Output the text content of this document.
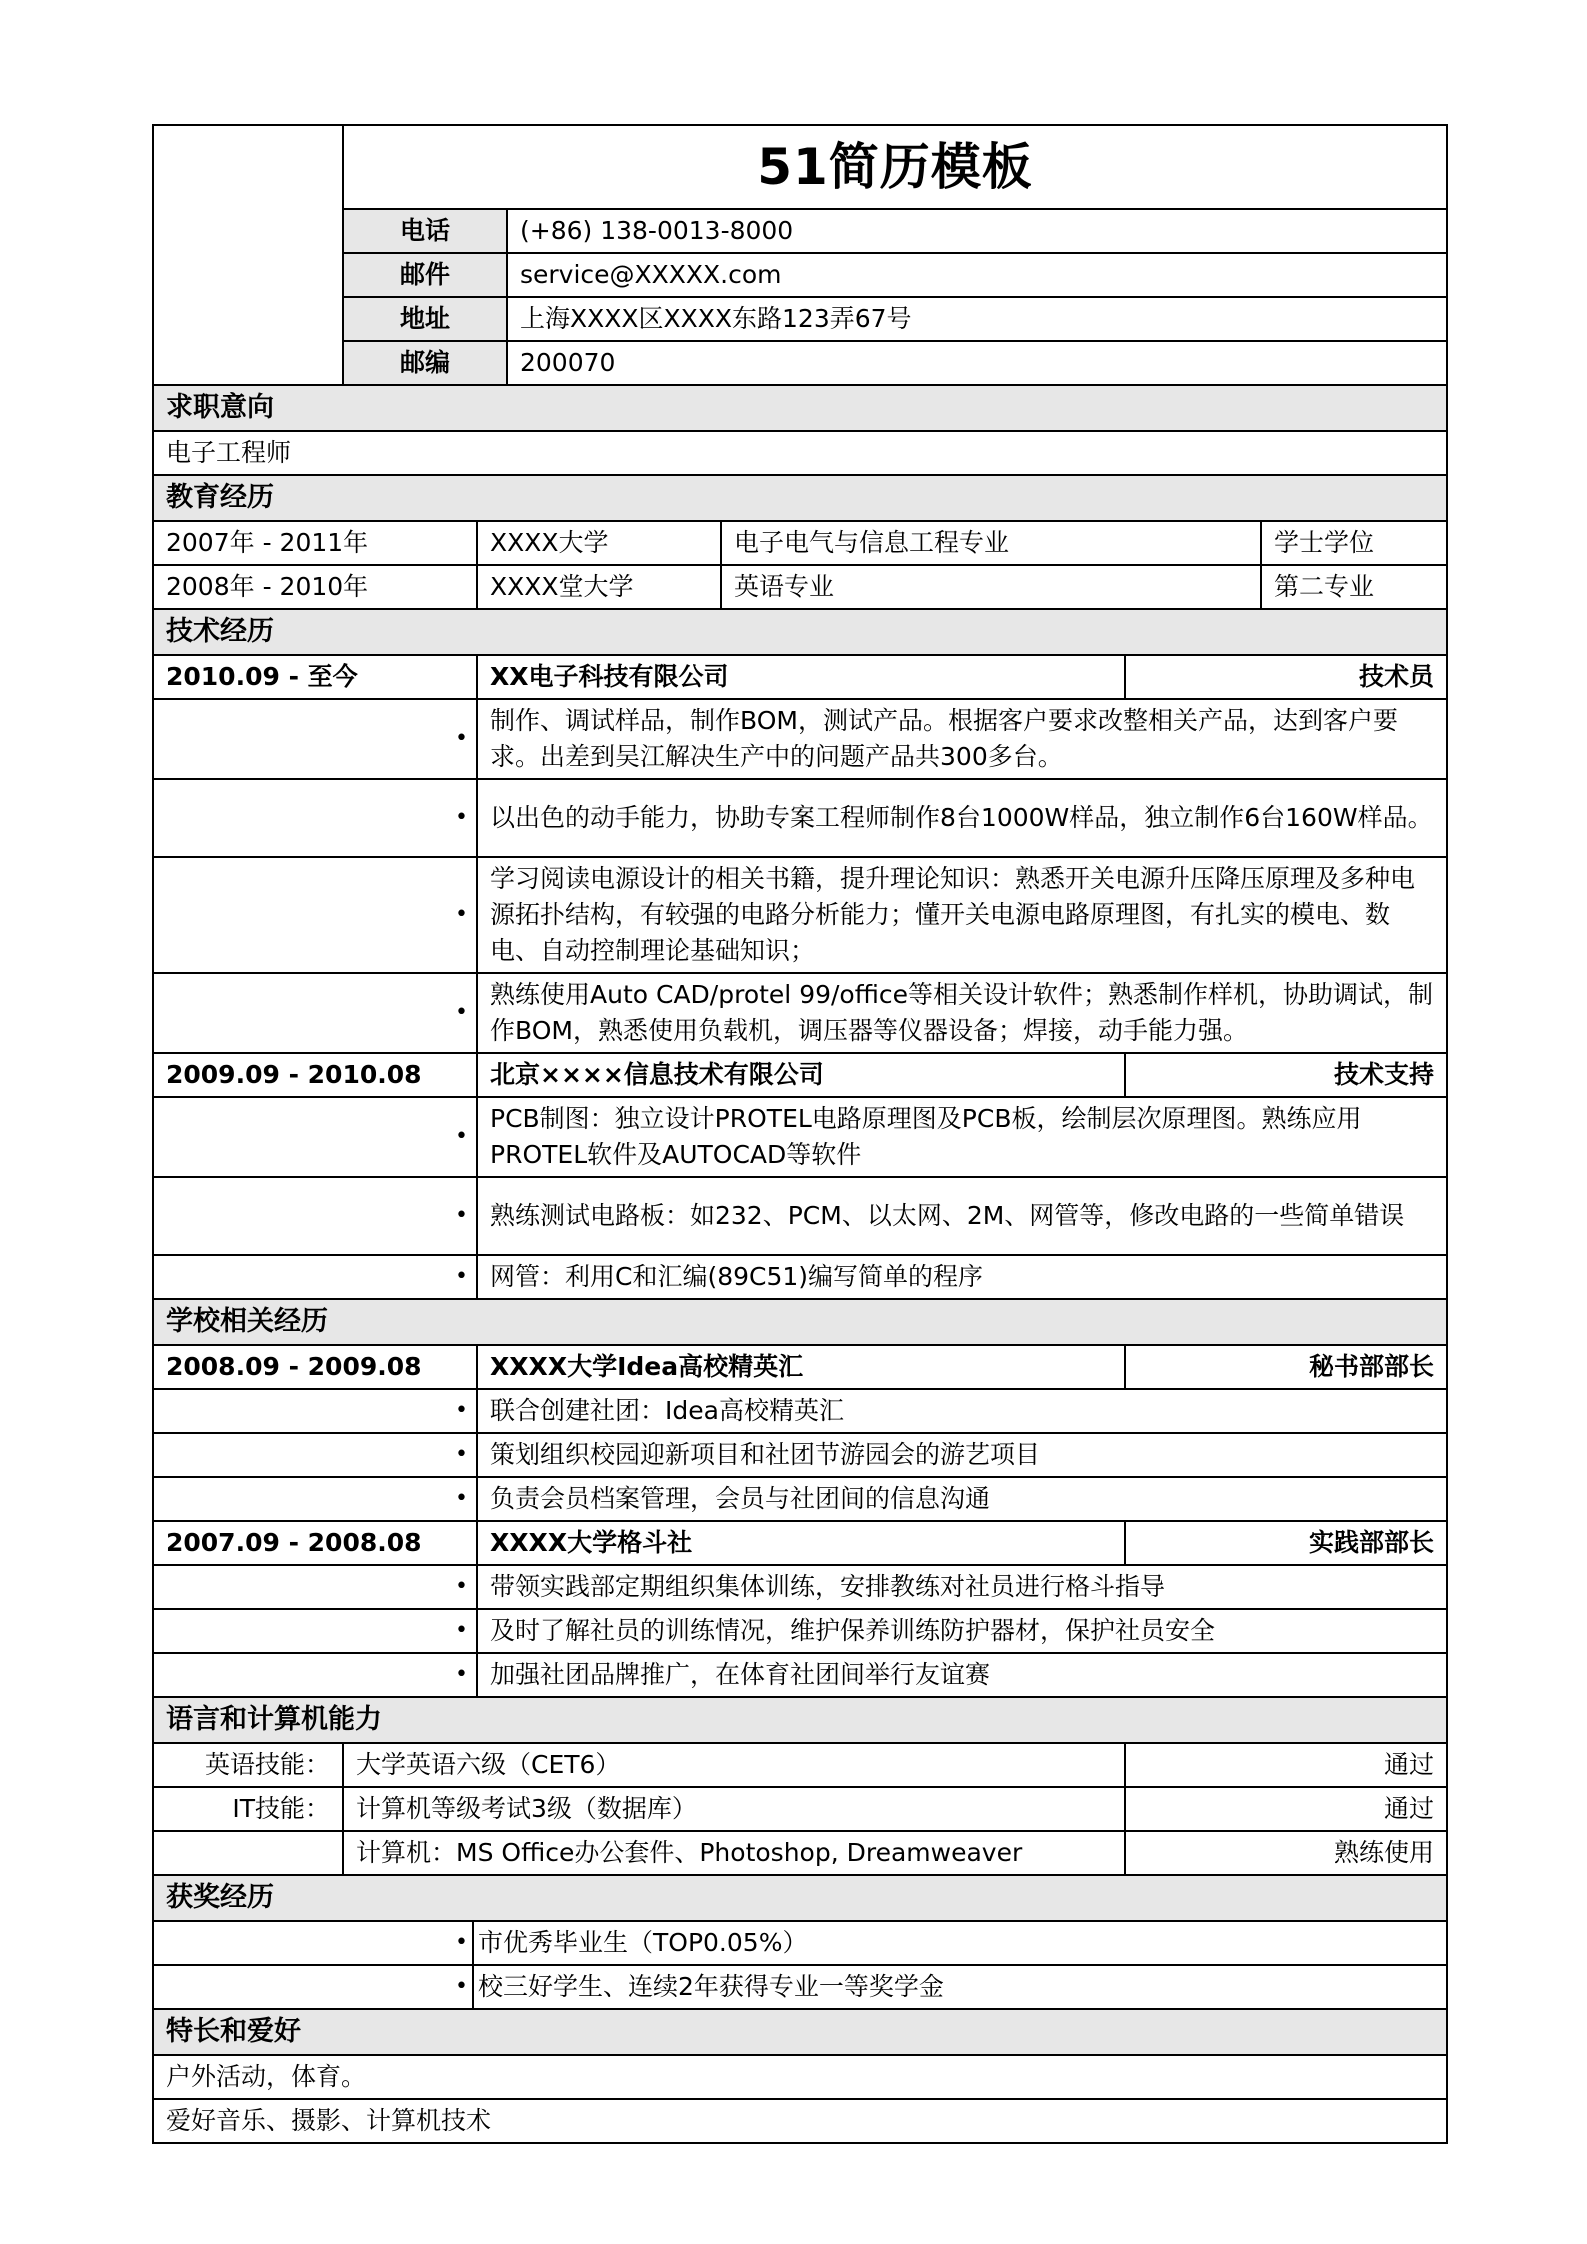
	51简历模板	
	电话	(+86) 138-0013-8000
	邮件	service@XXXXX.com
	地址	上海XXXX区XXXX东路123弄67号
	邮编	200070
求职意向			
电子工程师			
教育经历			
2007年 - 2011年	XXXX大学	电子电气与信息工程专业	学士学位
2008年 - 2010年	XXXX堂大学	英语专业	第二专业
技术经历		
2010.09 - 至今	XX电子科技有限公司	技术员
•	制作、调试样品，制作BOM，测试产品。根据客户要求改整相关产品，达到客户要求。出差到吴江解决生产中的问题产品共300多台。	
•	以出色的动手能力，协助专案工程师制作8台1000W样品，独立制作6台160W样品。	
•	学习阅读电源设计的相关书籍，提升理论知识：熟悉开关电源升压降压原理及多种电源拓扑结构，有较强的电路分析能力；懂开关电源电路原理图，有扎实的模电、数电、自动控制理论基础知识；	
•	熟练使用Auto CAD/protel 99/office等相关设计软件；熟悉制作样机，协助调试，制作BOM，熟悉使用负载机，调压器等仪器设备；焊接，动手能力强。	
2009.09 - 2010.08	北京××××信息技术有限公司	技术支持
•	PCB制图：独立设计PROTEL电路原理图及PCB板，绘制层次原理图。熟练应用PROTEL软件及AUTOCAD等软件	
•	熟练测试电路板：如232、PCM、以太网、2M、网管等，修改电路的一些简单错误	
•	网管：利用C和汇编(89C51)编写简单的程序	
学校相关经历		
2008.09 - 2009.08	XXXX大学Idea高校精英汇	秘书部部长
•	联合创建社团：Idea高校精英汇	
•	策划组织校园迎新项目和社团节游园会的游艺项目	
•	负责会员档案管理，会员与社团间的信息沟通	
2007.09 - 2008.08	XXXX大学格斗社	实践部部长
•	带领实践部定期组织集体训练，安排教练对社员进行格斗指导	
•	及时了解社员的训练情况，维护保养训练防护器材，保护社员安全	
•	加强社团品牌推广，在体育社团间举行友谊赛	
语言和计算机能力		
英语技能：	大学英语六级（CET6）	通过
IT技能：	计算机等级考试3级（数据库）	通过
	计算机：MS Office办公套件、Photoshop, Dreamweaver	熟练使用
获奖经历	
•	市优秀毕业生（TOP0.05%）
•	校三好学生、连续2年获得专业一等奖学金
特长和爱好
户外活动，体育。
爱好音乐、摄影、计算机技术
